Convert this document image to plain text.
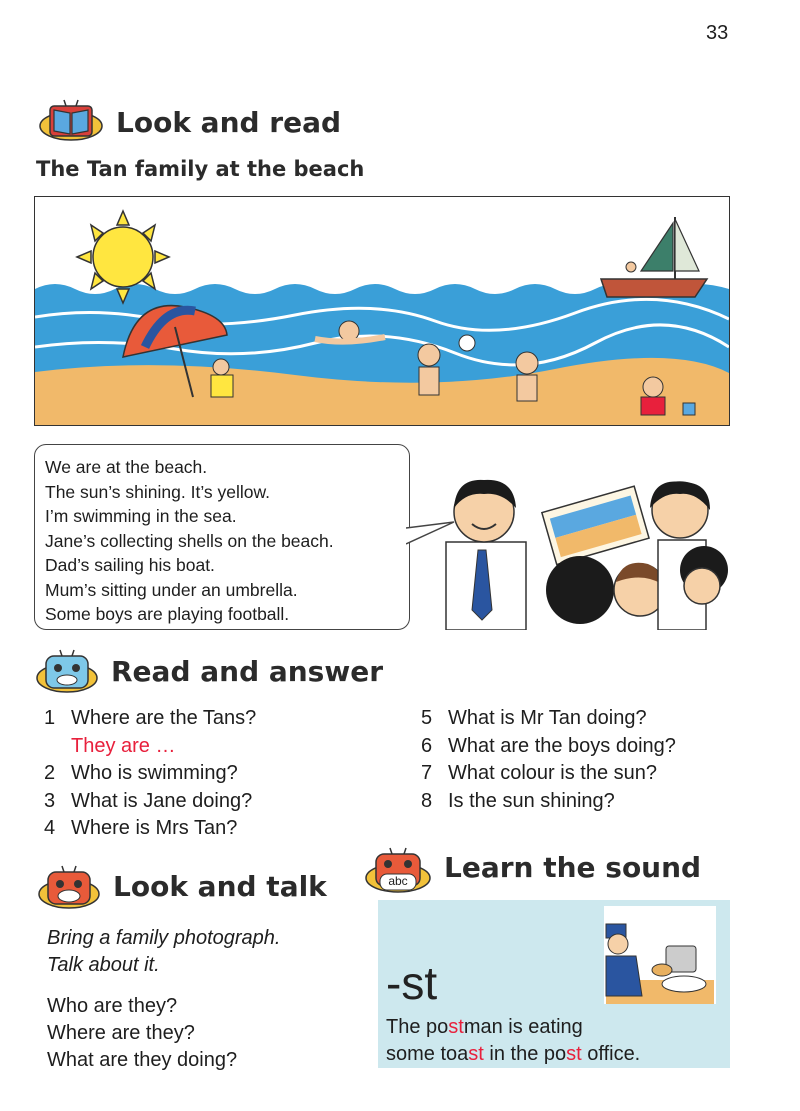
33
Look and read
The Tan family at the beach
We are at the beach.
The sun’s shining. It’s yellow.
I’m swimming in the sea.
Jane’s collecting shells on the beach.
Dad’s sailing his boat.
Mum’s sitting under an umbrella.
Some boys are playing football.
Read and answer
1 Where are the Tans?
They are …
2 Who is swimming?
3 What is Jane doing?
4 Where is Mrs Tan?
5 What is Mr Tan doing?
6 What are the boys doing?
7 What colour is the sun?
8 Is the sun shining?
Look and talk

Bring a family photograph.

Talk about it.

Who are they?

Where are they?

What are they doing?

abc Learn the sound
-st

The postman is eating

some toast in the post office.
